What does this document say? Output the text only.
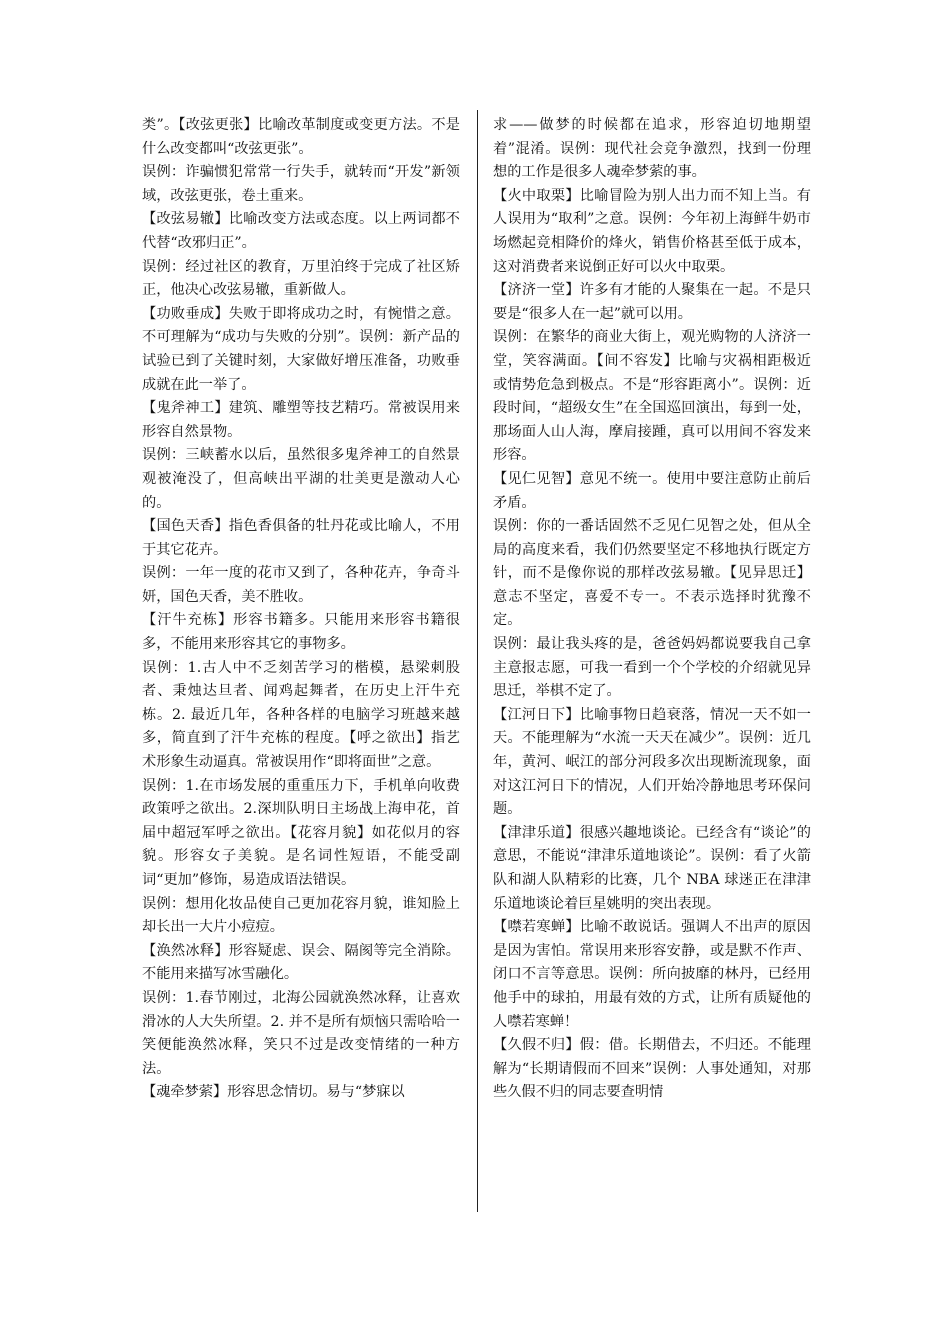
类”。【改弦更张】比喻改革制度或变更方法。不是什么改变都叫“改弦更张”。

误例：诈骗惯犯常常一行失手，就转而“开发”新领域，改弦更张，卷土重来。

【改弦易辙】比喻改变方法或态度。以上两词都不代替“改邪归正”。

误例：经过社区的教育，万里泊终于完成了社区矫正，他决心改弦易辙，重新做人。

【功败垂成】失败于即将成功之时，有惋惜之意。不可理解为“成功与失败的分别”。误例：新产品的试验已到了关键时刻，大家做好增压准备，功败垂成就在此一举了。

【鬼斧神工】建筑、雕塑等技艺精巧。常被误用来形容自然景物。

误例：三峡蓄水以后，虽然很多鬼斧神工的自然景观被淹没了，但高峡出平湖的壮美更是激动人心的。

【国色天香】指色香俱备的牡丹花或比喻人，不用于其它花卉。

误例：一年一度的花市又到了，各种花卉，争奇斗妍，国色天香，美不胜收。

【汗牛充栋】形容书籍多。只能用来形容书籍很多，不能用来形容其它的事物多。

误例：1.古人中不乏刻苦学习的楷模，悬梁刺股者、秉烛达旦者、闻鸡起舞者，在历史上汗牛充栋。2. 最近几年，各种各样的电脑学习班越来越多，简直到了汗牛充栋的程度。【呼之欲出】指艺术形象生动逼真。常被误用作“即将面世”之意。

误例：1.在市场发展的重重压力下，手机单向收费政策呼之欲出。2.深圳队明日主场战上海申花，首届中超冠军呼之欲出。【花容月貌】如花似月的容貌。形容女子美貌。是名词性短语，不能受副词“更加”修饰，易造成语法错误。

误例：想用化妆品使自己更加花容月貌，谁知脸上却长出一大片小痘痘。

【涣然冰释】形容疑虑、误会、隔阂等完全消除。不能用来描写冰雪融化。

误例：1.春节刚过，北海公园就涣然冰释，让喜欢滑冰的人大失所望。2. 并不是所有烦恼只需哈哈一笑便能涣然冰释，笑只不过是改变情绪的一种方法。

【魂牵梦萦】形容思念情切。易与“梦寐以

求——做梦的时候都在追求，形容迫切地期望着”混淆。误例：现代社会竞争激烈，找到一份理想的工作是很多人魂牵梦萦的事。

【火中取栗】比喻冒险为别人出力而不知上当。有人误用为“取利”之意。误例：今年初上海鲜牛奶市场燃起竞相降价的烽火，销售价格甚至低于成本，这对消费者来说倒正好可以火中取栗。

【济济一堂】许多有才能的人聚集在一起。不是只要是“很多人在一起”就可以用。

误例：在繁华的商业大街上，观光购物的人济济一堂，笑容满面。【间不容发】比喻与灾祸相距极近或情势危急到极点。不是“形容距离小”。误例：近段时间，“超级女生”在全国巡回演出，每到一处，那场面人山人海，摩肩接踵，真可以用间不容发来形容。

【见仁见智】意见不统一。使用中要注意防止前后矛盾。

误例：你的一番话固然不乏见仁见智之处，但从全局的高度来看，我们仍然要坚定不移地执行既定方针，而不是像你说的那样改弦易辙。【见异思迁】意志不坚定，喜爱不专一。不表示选择时犹豫不定。

误例：最让我头疼的是，爸爸妈妈都说要我自己拿主意报志愿，可我一看到一个个学校的介绍就见异思迁，举棋不定了。

【江河日下】比喻事物日趋衰落，情况一天不如一天。不能理解为“水流一天天在减少”。误例：近几年，黄河、岷江的部分河段多次出现断流现象，面对这江河日下的情况，人们开始冷静地思考环保问题。

【津津乐道】很感兴趣地谈论。已经含有“谈论”的意思，不能说“津津乐道地谈论”。误例：看了火箭队和湖人队精彩的比赛，几个 NBA 球迷正在津津乐道地谈论着巨星姚明的突出表现。

【噤若寒蝉】比喻不敢说话。强调人不出声的原因是因为害怕。常误用来形容安静，或是默不作声、闭口不言等意思。误例：所向披靡的林丹，已经用他手中的球拍，用最有效的方式，让所有质疑他的人噤若寒蝉！

【久假不归】假：借。长期借去，不归还。不能理解为“长期请假而不回来”误例：人事处通知，对那些久假不归的同志要查明情
